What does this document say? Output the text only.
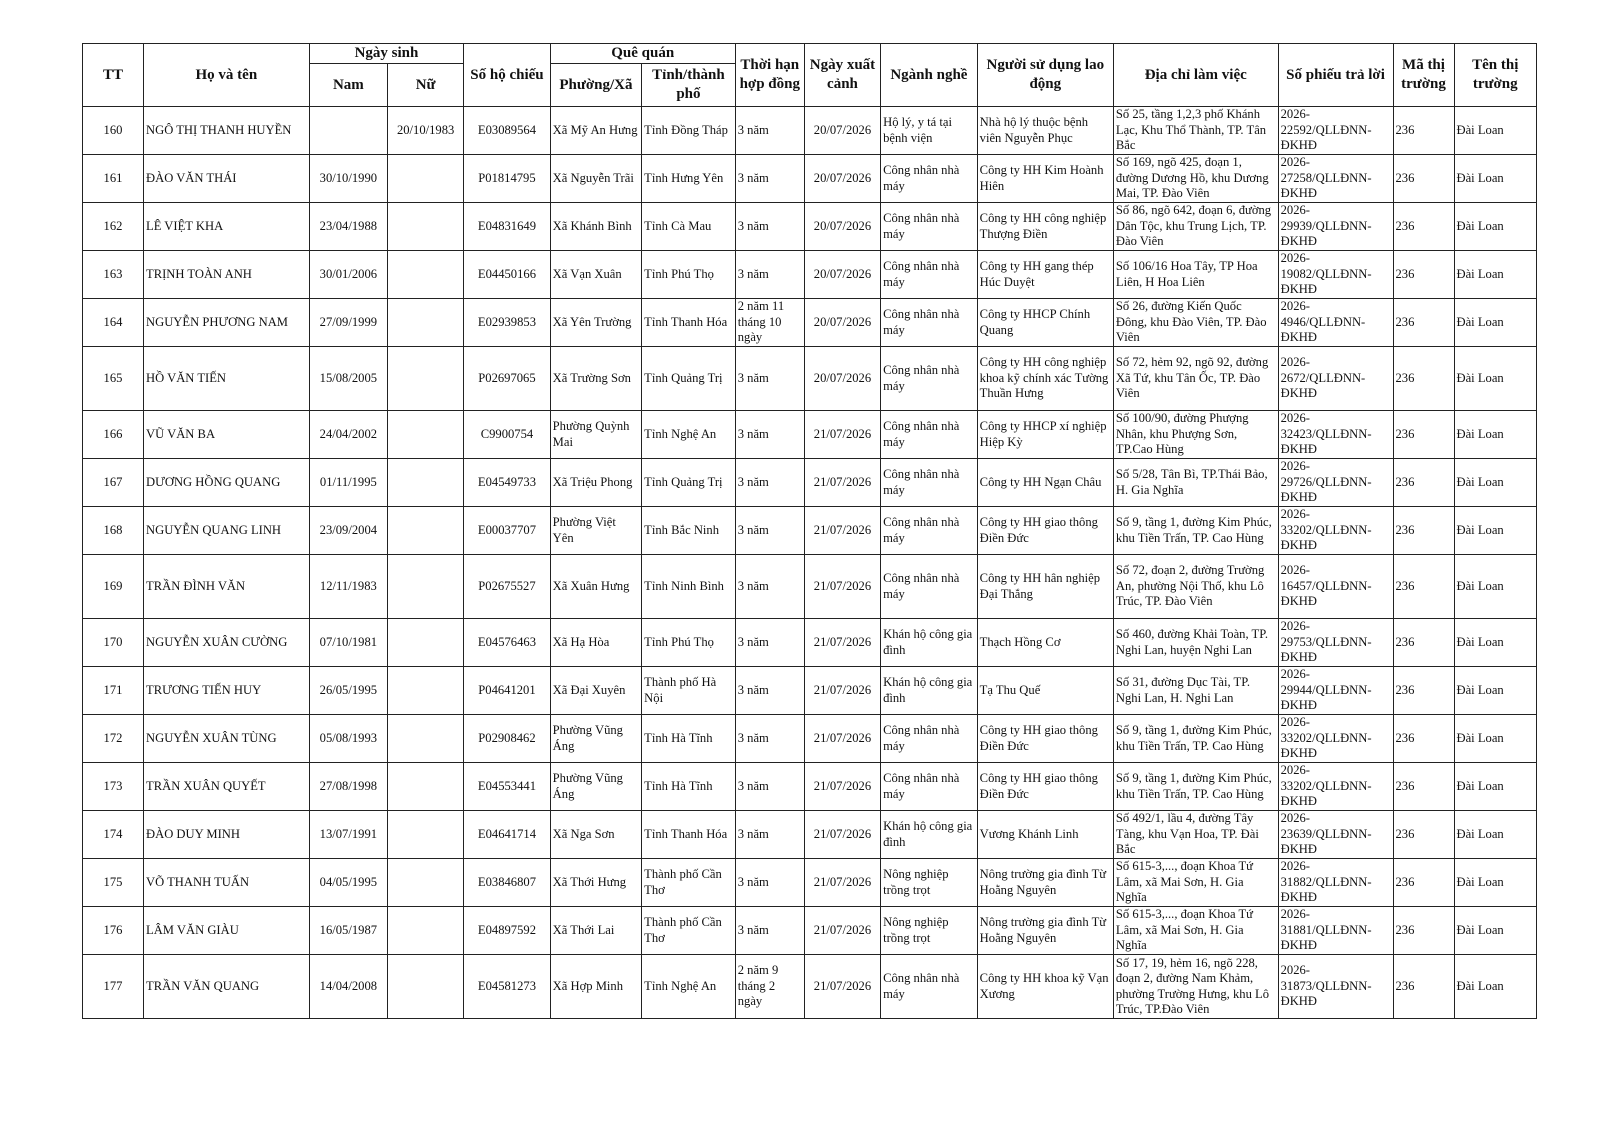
TT	Họ và tên	Ngày sinh		Số hộ chiếu	Quê quán		Thời hạn hợp đồng	Ngày xuất cảnh	Ngành nghề	Người sử dụng lao động	Địa chỉ làm việc	Số phiếu trả lời	Mã thị trường	Tên thị trường
		Nam	Nữ		Phường/Xã	Tỉnh/thành phố								
160	NGÔ THỊ THANH HUYỀN		20/10/1983	E03089564	Xã Mỹ An Hưng	Tỉnh Đồng Tháp	3 năm	20/07/2026	Hộ lý, y tá tại bệnh viện	Nhà hộ lý thuộc bệnh viên Nguyễn Phục	Số 25, tầng 1,2,3 phố Khánh Lạc, Khu Thổ Thành, TP. Tân Bắc	2026-22592/QLLĐNN-ĐKHĐ	236	Đài Loan
161	ĐÀO VĂN THÁI	30/10/1990		P01814795	Xã Nguyễn Trãi	Tỉnh Hưng Yên	3 năm	20/07/2026	Công nhân nhà máy	Công ty HH Kim Hoành Hiên	Số 169, ngõ 425, đoạn 1, đường Dương Hồ, khu Dương Mai, TP. Đào Viên	2026-27258/QLLĐNN-ĐKHĐ	236	Đài Loan
162	LÊ VIỆT KHA	23/04/1988		E04831649	Xã Khánh Bình	Tỉnh Cà Mau	3 năm	20/07/2026	Công nhân nhà máy	Công ty HH công nghiệp Thượng Điền	Số 86, ngõ 642, đoạn 6, đường Dân Tộc, khu Trung Lịch, TP. Đào Viên	2026-29939/QLLĐNN-ĐKHĐ	236	Đài Loan
163	TRỊNH TOÀN ANH	30/01/2006		E04450166	Xã Vạn Xuân	Tỉnh Phú Thọ	3 năm	20/07/2026	Công nhân nhà máy	Công ty HH gang thép Húc Duyệt	Số 106/16 Hoa Tây, TP Hoa Liên, H Hoa Liên	2026-19082/QLLĐNN-ĐKHĐ	236	Đài Loan
164	NGUYỄN PHƯƠNG NAM	27/09/1999		E02939853	Xã Yên Trường	Tỉnh Thanh Hóa	2 năm 11 tháng 10 ngày	20/07/2026	Công nhân nhà máy	Công ty HHCP Chính Quang	Số 26, đường Kiến Quốc Đông, khu Đào Viên, TP. Đào Viên	2026-4946/QLLĐNN-ĐKHĐ	236	Đài Loan
165	HỒ VĂN TIẾN	15/08/2005		P02697065	Xã Trường Sơn	Tỉnh Quảng Trị	3 năm	20/07/2026	Công nhân nhà máy	Công ty HH công nghiệp khoa kỹ chính xác Tường Thuần Hưng	Số 72, hẻm 92, ngõ 92, đường Xã Tứ, khu Tân Ốc, TP. Đào Viên	2026-2672/QLLĐNN-ĐKHĐ	236	Đài Loan
166	VŨ VĂN BA	24/04/2002		C9900754	Phường Quỳnh Mai	Tỉnh Nghệ An	3 năm	21/07/2026	Công nhân nhà máy	Công ty HHCP xí nghiệp Hiệp Kỳ	Số 100/90, đường Phượng Nhân, khu Phượng Sơn, TP.Cao Hùng	2026-32423/QLLĐNN-ĐKHĐ	236	Đài Loan
167	DƯƠNG HỒNG QUANG	01/11/1995		E04549733	Xã Triệu Phong	Tỉnh Quảng Trị	3 năm	21/07/2026	Công nhân nhà máy	Công ty HH Ngạn Châu	Số 5/28, Tân Bì, TP.Thái Bảo, H. Gia Nghĩa	2026-29726/QLLĐNN-ĐKHĐ	236	Đài Loan
168	NGUYỄN QUANG LINH	23/09/2004		E00037707	Phường Việt Yên	Tỉnh Bắc Ninh	3 năm	21/07/2026	Công nhân nhà máy	Công ty HH giao thông Điền Đức	Số 9, tầng 1, đường Kim Phúc, khu Tiền Trấn, TP. Cao Hùng	2026-33202/QLLĐNN-ĐKHĐ	236	Đài Loan
169	TRẦN ĐÌNH VĂN	12/11/1983		P02675527	Xã Xuân Hưng	Tỉnh Ninh Bình	3 năm	21/07/2026	Công nhân nhà máy	Công ty HH hân nghiệp Đại Thắng	Số 72, đoạn 2, đường Trường An, phường Nội Thố, khu Lô Trúc, TP. Đào Viên	2026-16457/QLLĐNN-ĐKHĐ	236	Đài Loan
170	NGUYỄN XUÂN CƯỜNG	07/10/1981		E04576463	Xã Hạ Hòa	Tỉnh Phú Thọ	3 năm	21/07/2026	Khán hộ công gia đình	Thạch Hồng Cơ	Số 460, đường Khải Toàn, TP. Nghi Lan, huyện Nghi Lan	2026-29753/QLLĐNN-ĐKHĐ	236	Đài Loan
171	TRƯƠNG TIẾN HUY	26/05/1995		P04641201	Xã Đại Xuyên	Thành phố Hà Nội	3 năm	21/07/2026	Khán hộ công gia đình	Tạ Thu Quế	Số 31, đường Dục Tài, TP. Nghi Lan, H. Nghi Lan	2026-29944/QLLĐNN-ĐKHĐ	236	Đài Loan
172	NGUYỄN XUÂN TÙNG	05/08/1993		P02908462	Phường Vũng Áng	Tỉnh Hà Tĩnh	3 năm	21/07/2026	Công nhân nhà máy	Công ty HH giao thông Điền Đức	Số 9, tầng 1, đường Kim Phúc, khu Tiền Trấn, TP. Cao Hùng	2026-33202/QLLĐNN-ĐKHĐ	236	Đài Loan
173	TRẦN XUÂN QUYẾT	27/08/1998		E04553441	Phường Vũng Áng	Tỉnh Hà Tĩnh	3 năm	21/07/2026	Công nhân nhà máy	Công ty HH giao thông Điền Đức	Số 9, tầng 1, đường Kim Phúc, khu Tiền Trấn, TP. Cao Hùng	2026-33202/QLLĐNN-ĐKHĐ	236	Đài Loan
174	ĐÀO DUY MINH	13/07/1991		E04641714	Xã Nga Sơn	Tỉnh Thanh Hóa	3 năm	21/07/2026	Khán hộ công gia đình	Vương Khánh Linh	Số 492/1, lầu 4, đường Tây Tàng, khu Vạn Hoa, TP. Đài Bắc	2026-23639/QLLĐNN-ĐKHĐ	236	Đài Loan
175	VÕ THANH TUẤN	04/05/1995		E03846807	Xã Thới Hưng	Thành phố Cần Thơ	3 năm	21/07/2026	Nông nghiệp trồng trọt	Nông trường gia đình Từ Hoằng Nguyên	Số 615-3,..., đoạn Khoa Tứ Lâm, xã Mai Sơn, H. Gia Nghĩa	2026-31882/QLLĐNN-ĐKHĐ	236	Đài Loan
176	LÂM VĂN GIÀU	16/05/1987		E04897592	Xã Thới Lai	Thành phố Cần Thơ	3 năm	21/07/2026	Nông nghiệp trồng trọt	Nông trường gia đình Từ Hoằng Nguyên	Số 615-3,..., đoạn Khoa Tứ Lâm, xã Mai Sơn, H. Gia Nghĩa	2026-31881/QLLĐNN-ĐKHĐ	236	Đài Loan
177	TRẦN VĂN QUANG	14/04/2008		E04581273	Xã Hợp Minh	Tỉnh Nghệ An	2 năm 9 tháng 2 ngày	21/07/2026	Công nhân nhà máy	Công ty HH khoa kỹ Vạn Xương	Số 17, 19, hẻm 16, ngõ 228, đoạn 2, đường Nam Khảm, phường Trường Hưng, khu Lô Trúc, TP.Đào Viên	2026-31873/QLLĐNN-ĐKHĐ	236	Đài Loan
